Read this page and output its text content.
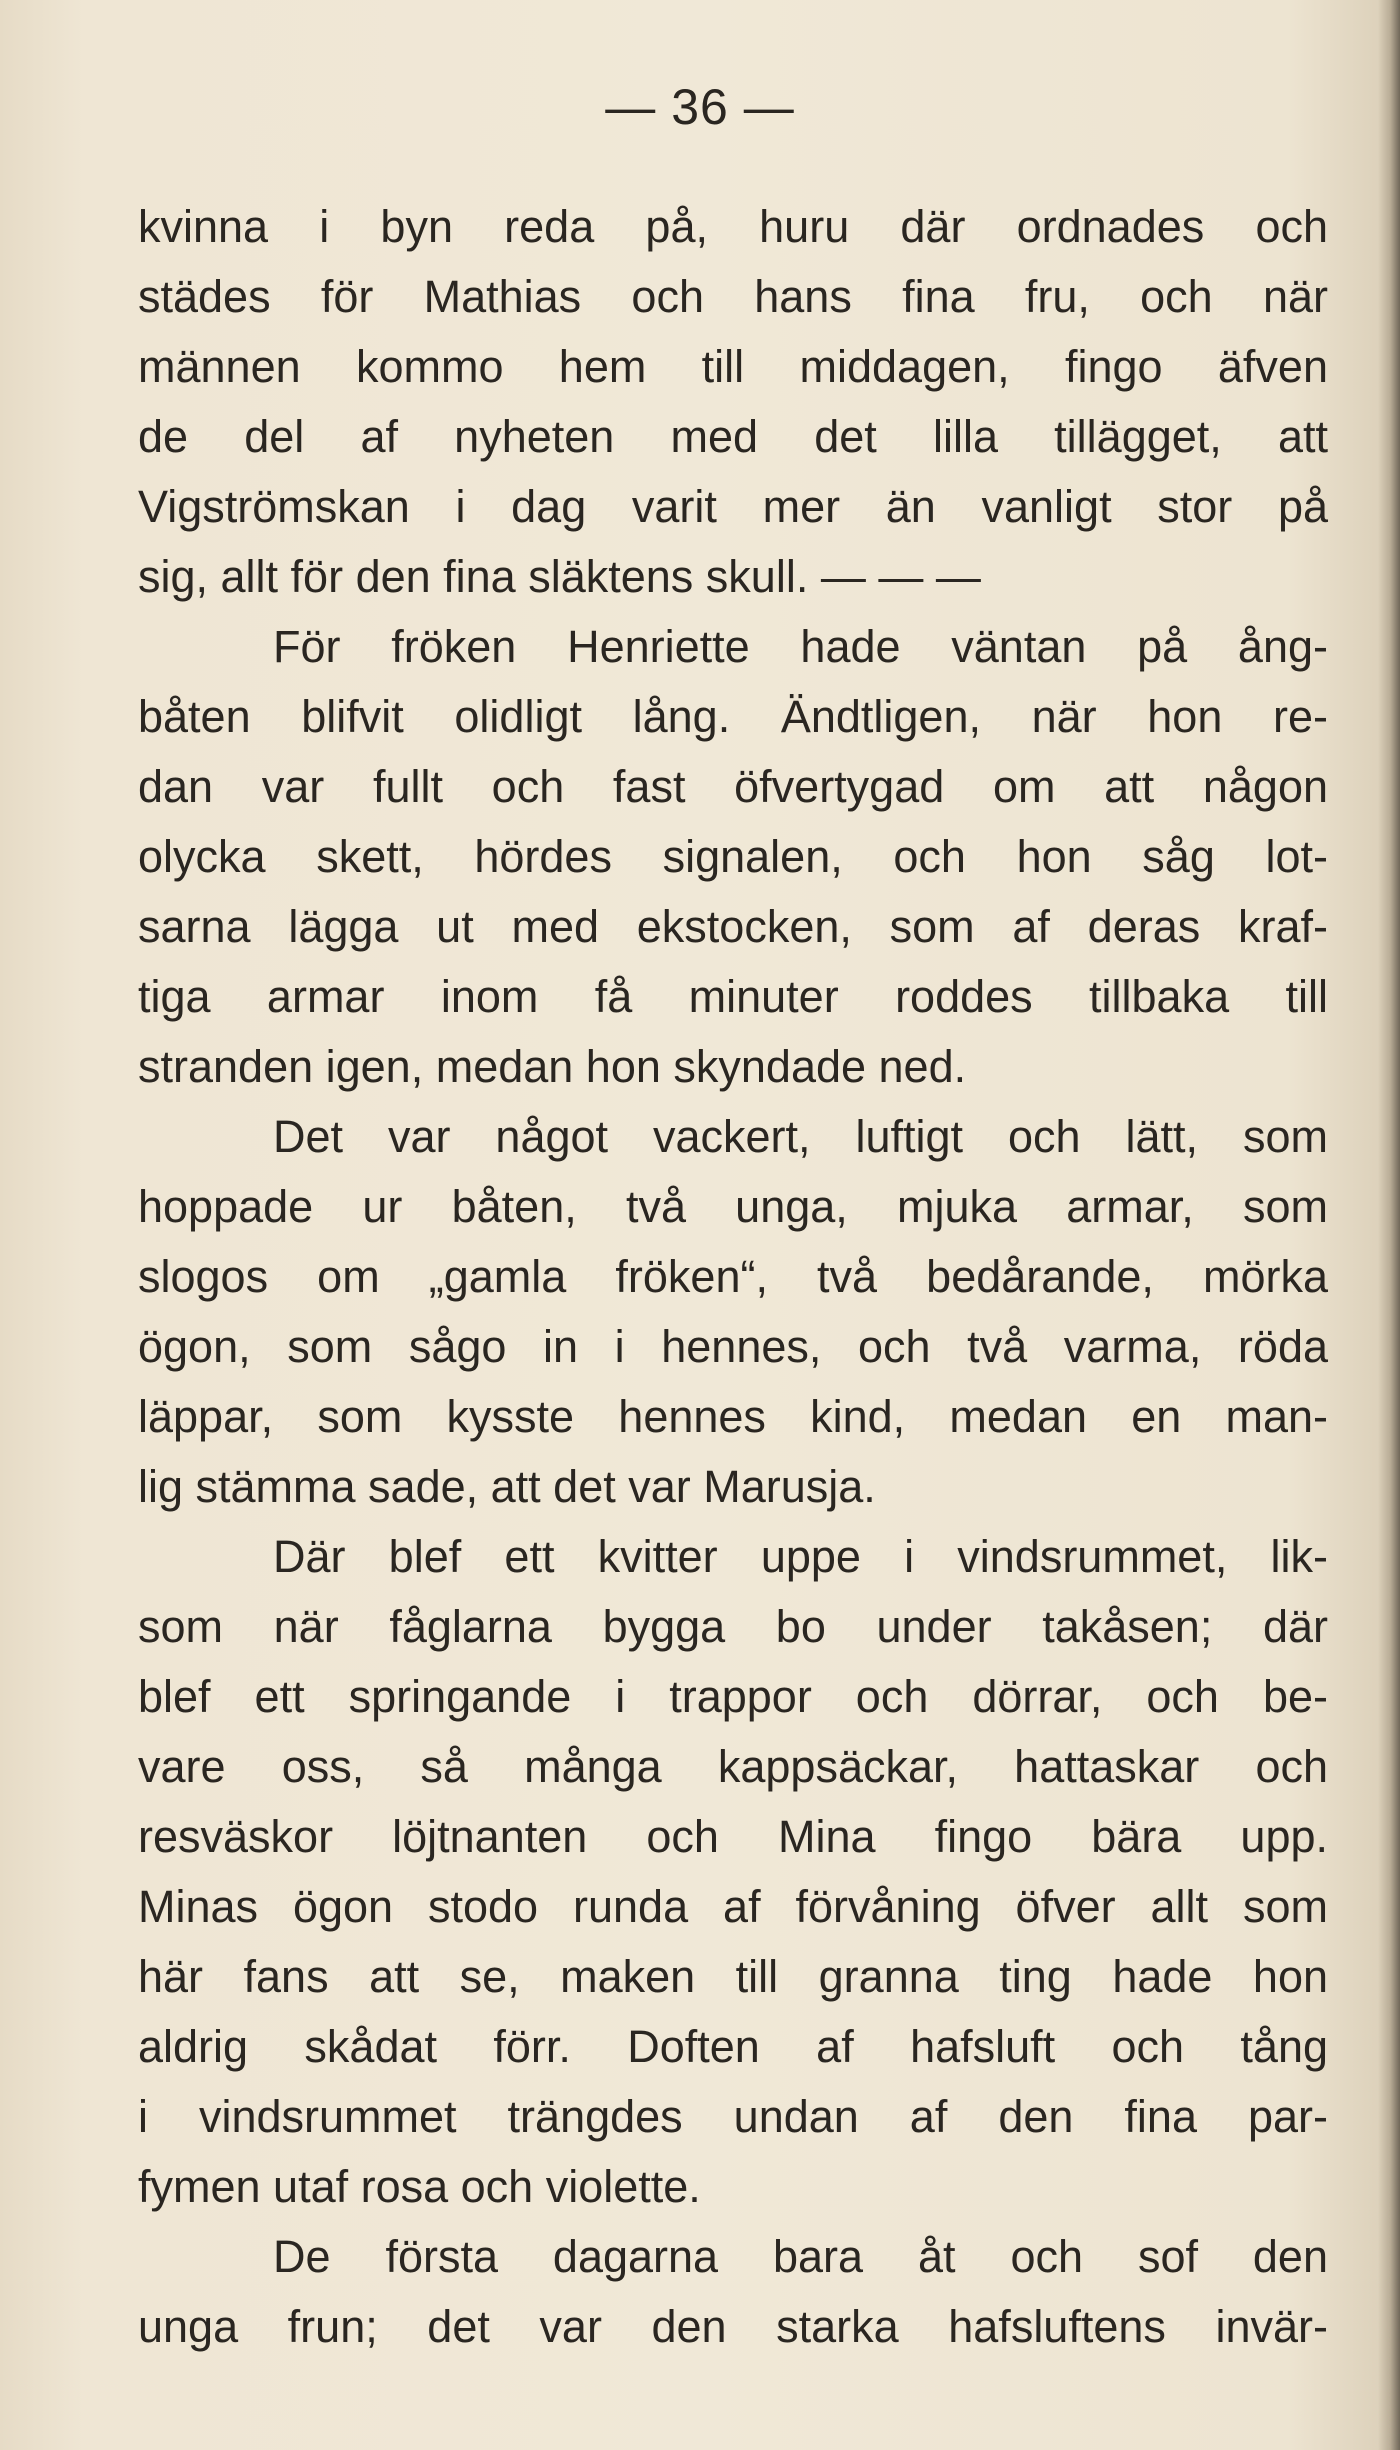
— 36 —
kvinna i byn reda på, huru där ordnades och
städes för Mathias och hans fina fru, och när
männen kommo hem till middagen, fingo äfven
de del af nyheten med det lilla tillägget, att
Vigströmskan i dag varit mer än vanligt stor på
sig, allt för den fina släktens skull. — — —
För fröken Henriette hade väntan på ång-
båten blifvit olidligt lång. Ändtligen, när hon re-
dan var fullt och fast öfvertygad om att någon
olycka skett, hördes signalen, och hon såg lot-
sarna lägga ut med ekstocken, som af deras kraf-
tiga armar inom få minuter roddes tillbaka till
stranden igen, medan hon skyndade ned.
Det var något vackert, luftigt och lätt, som
hoppade ur båten, två unga, mjuka armar, som
slogos om „gamla fröken“, två bedårande, mörka
ögon, som sågo in i hennes, och två varma, röda
läppar, som kysste hennes kind, medan en man-
lig stämma sade, att det var Marusja.
Där blef ett kvitter uppe i vindsrummet, lik-
som när fåglarna bygga bo under takåsen; där
blef ett springande i trappor och dörrar, och be-
vare oss, så många kappsäckar, hattaskar och
resväskor löjtnanten och Mina fingo bära upp.
Minas ögon stodo runda af förvåning öfver allt som
här fans att se, maken till granna ting hade hon
aldrig skådat förr. Doften af hafsluft och tång
i vindsrummet trängdes undan af den fina par-
fymen utaf rosa och violette.
De första dagarna bara åt och sof den
unga frun; det var den starka hafsluftens invär-
